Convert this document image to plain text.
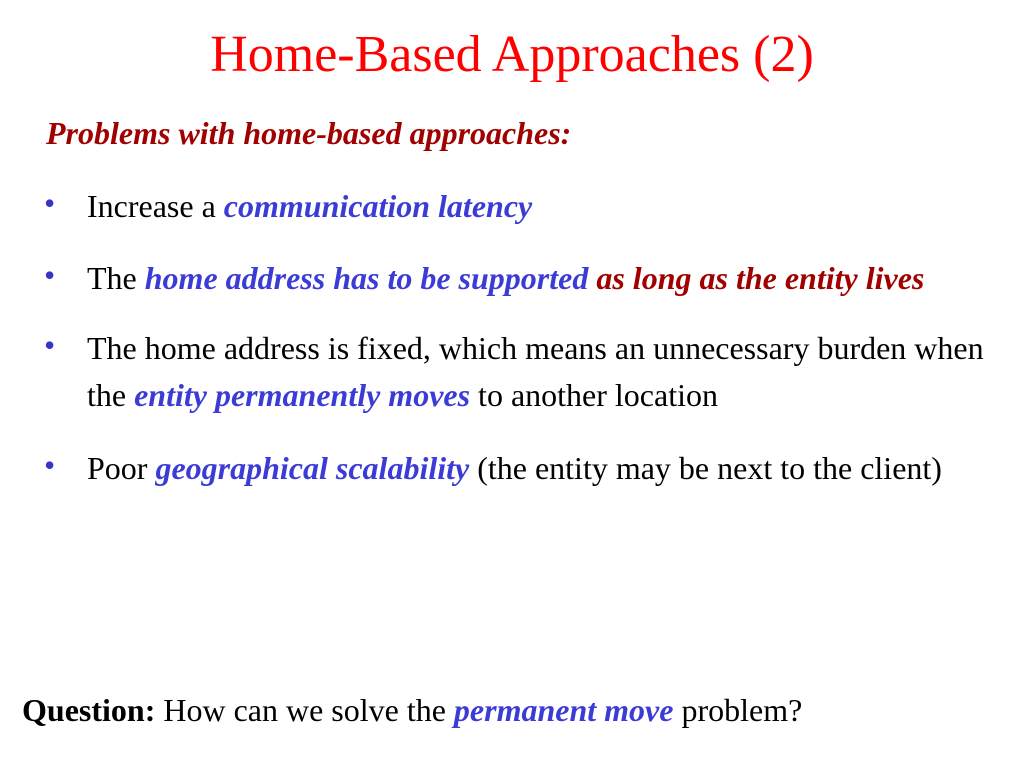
Home-Based Approaches (2)

Problems with home-based approaches:

• Increase a communication latency
• The home address has to be supported as long as the entity lives
• The home address is fixed, which means an unnecessary burden when the entity permanently moves to another location
• Poor geographical scalability (the entity may be next to the client)

Question: How can we solve the permanent move problem?
